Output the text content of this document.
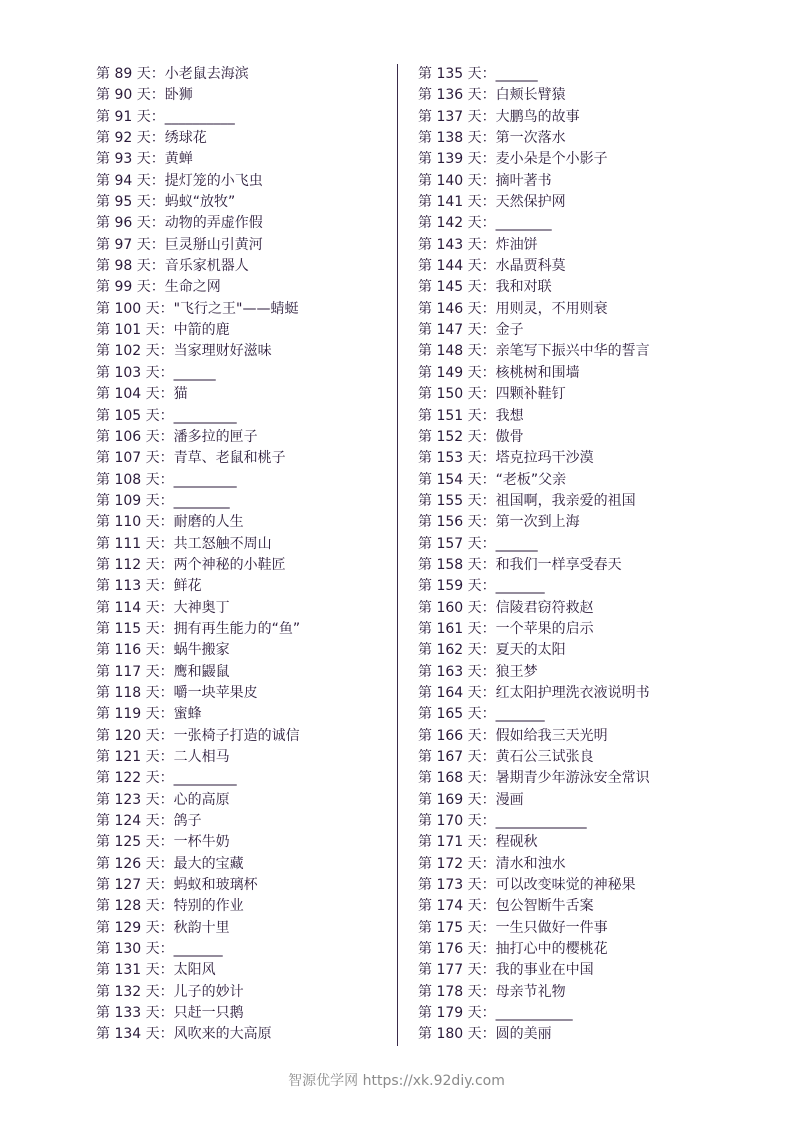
第 89 天：小老鼠去海滨
第 90 天：卧狮
第 91 天：__________
第 92 天：绣球花
第 93 天：黄蝉
第 94 天：提灯笼的小飞虫
第 95 天：蚂蚁“放牧”
第 96 天：动物的弄虚作假
第 97 天：巨灵掰山引黄河
第 98 天：音乐家机器人
第 99 天：生命之网
第 100 天："飞行之王"——蜻蜓
第 101 天：中箭的鹿
第 102 天：当家理财好滋味
第 103 天：______
第 104 天：猫
第 105 天：_________
第 106 天：潘多拉的匣子
第 107 天：青草、老鼠和桃子
第 108 天：_________
第 109 天：________
第 110 天：耐磨的人生
第 111 天：共工怒触不周山
第 112 天：两个神秘的小鞋匠
第 113 天：鲜花
第 114 天：大神奥丁
第 115 天：拥有再生能力的“鱼”
第 116 天：蜗牛搬家
第 117 天：鹰和鼹鼠
第 118 天：嚼一块苹果皮
第 119 天：蜜蜂
第 120 天：一张椅子打造的诚信
第 121 天：二人相马
第 122 天：_________
第 123 天：心的高原
第 124 天：鸽子
第 125 天：一杯牛奶
第 126 天：最大的宝藏
第 127 天：蚂蚁和玻璃杯
第 128 天：特别的作业
第 129 天：秋韵十里
第 130 天：_______
第 131 天：太阳风
第 132 天：儿子的妙计
第 133 天：只赶一只鹅
第 134 天：风吹来的大高原
第 135 天：______
第 136 天：白颊长臂猿
第 137 天：大鹏鸟的故事
第 138 天：第一次落水
第 139 天：麦小朵是个小影子
第 140 天：摘叶著书
第 141 天：天然保护网
第 142 天：________
第 143 天：炸油饼
第 144 天：水晶贾科莫
第 145 天：我和对联
第 146 天：用则灵，不用则衰
第 147 天：金子
第 148 天：亲笔写下振兴中华的誓言
第 149 天：核桃树和围墙
第 150 天：四颗补鞋钉
第 151 天：我想
第 152 天：傲骨
第 153 天：塔克拉玛干沙漠
第 154 天：“老板”父亲
第 155 天：祖国啊，我亲爱的祖国
第 156 天：第一次到上海
第 157 天：______
第 158 天：和我们一样享受春天
第 159 天：_______
第 160 天：信陵君窃符救赵
第 161 天：一个苹果的启示
第 162 天：夏天的太阳
第 163 天：狼王梦
第 164 天：红太阳护理洗衣液说明书
第 165 天：_______
第 166 天：假如给我三天光明
第 167 天：黄石公三试张良
第 168 天：暑期青少年游泳安全常识
第 169 天：漫画
第 170 天：_____________
第 171 天：程砚秋
第 172 天：清水和浊水
第 173 天：可以改变味觉的神秘果
第 174 天：包公智断牛舌案
第 175 天：一生只做好一件事
第 176 天：抽打心中的樱桃花
第 177 天：我的事业在中国
第 178 天：母亲节礼物
第 179 天：___________
第 180 天：圆的美丽
智源优学网 https://xk.92diy.com
